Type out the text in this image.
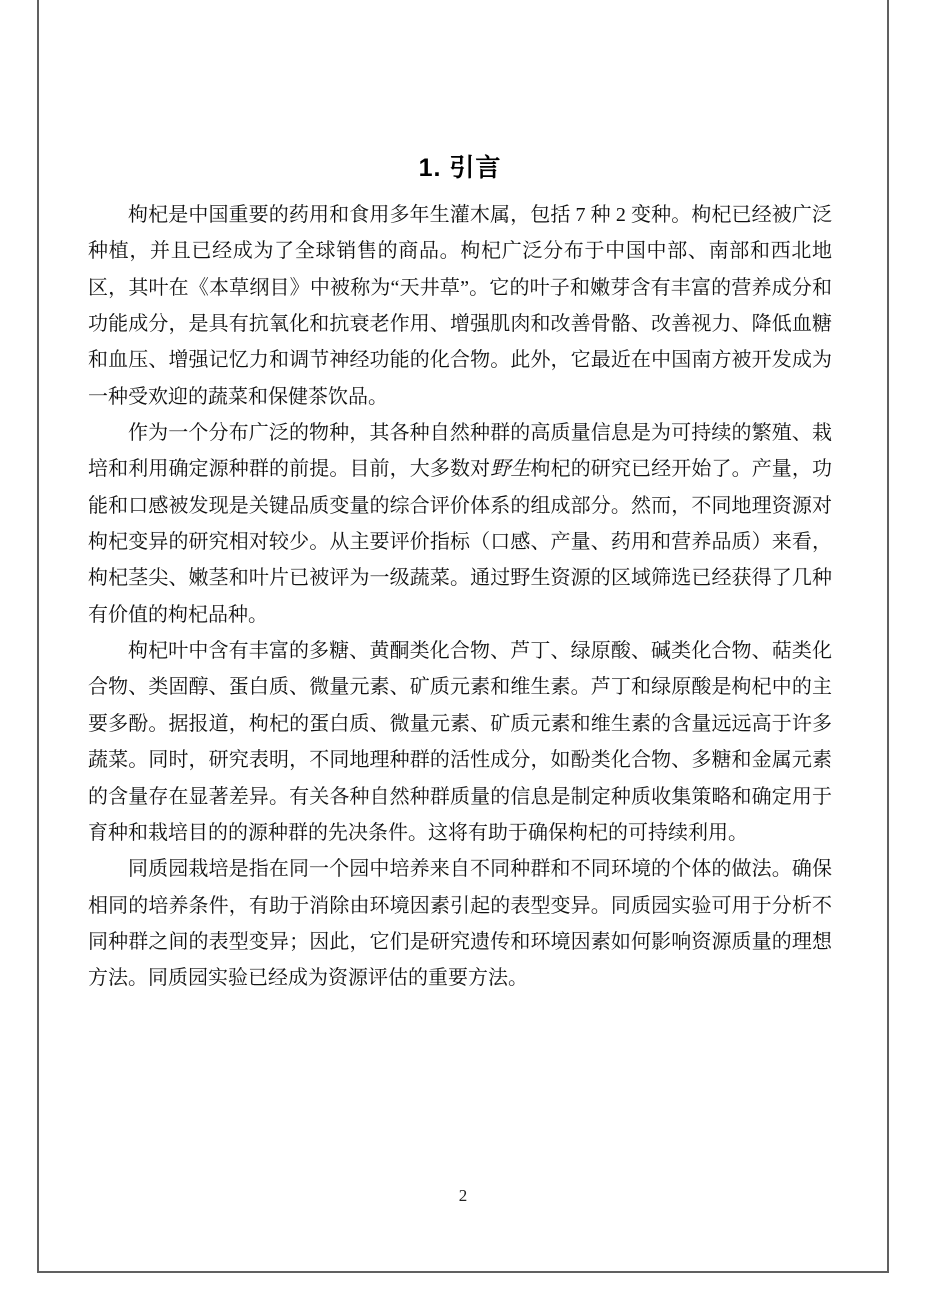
1. 引言

枸杞是中国重要的药用和食用多年生灌木属，包括 7 种 2 变种。枸杞已经被广泛种植，并且已经成为了全球销售的商品。枸杞广泛分布于中国中部、南部和西北地区，其叶在《本草纲目》中被称为“天井草”。它的叶子和嫩芽含有丰富的营养成分和功能成分，是具有抗氧化和抗衰老作用、增强肌肉和改善骨骼、改善视力、降低血糖和血压、增强记忆力和调节神经功能的化合物。此外，它最近在中国南方被开发成为一种受欢迎的蔬菜和保健茶饮品。

作为一个分布广泛的物种，其各种自然种群的高质量信息是为可持续的繁殖、栽培和利用确定源种群的前提。目前，大多数对野生枸杞的研究已经开始了。产量，功能和口感被发现是关键品质变量的综合评价体系的组成部分。然而，不同地理资源对枸杞变异的研究相对较少。从主要评价指标（口感、产量、药用和营养品质）来看，枸杞茎尖、嫩茎和叶片已被评为一级蔬菜。通过野生资源的区域筛选已经获得了几种有价值的枸杞品种。

枸杞叶中含有丰富的多糖、黄酮类化合物、芦丁、绿原酸、碱类化合物、萜类化合物、类固醇、蛋白质、微量元素、矿质元素和维生素。芦丁和绿原酸是枸杞中的主要多酚。据报道，枸杞的蛋白质、微量元素、矿质元素和维生素的含量远远高于许多蔬菜。同时，研究表明，不同地理种群的活性成分，如酚类化合物、多糖和金属元素的含量存在显著差异。有关各种自然种群质量的信息是制定种质收集策略和确定用于育种和栽培目的的源种群的先决条件。这将有助于确保枸杞的可持续利用。

同质园栽培是指在同一个园中培养来自不同种群和不同环境的个体的做法。确保相同的培养条件，有助于消除由环境因素引起的表型变异。同质园实验可用于分析不同种群之间的表型变异；因此，它们是研究遗传和环境因素如何影响资源质量的理想方法。同质园实验已经成为资源评估的重要方法。

2
